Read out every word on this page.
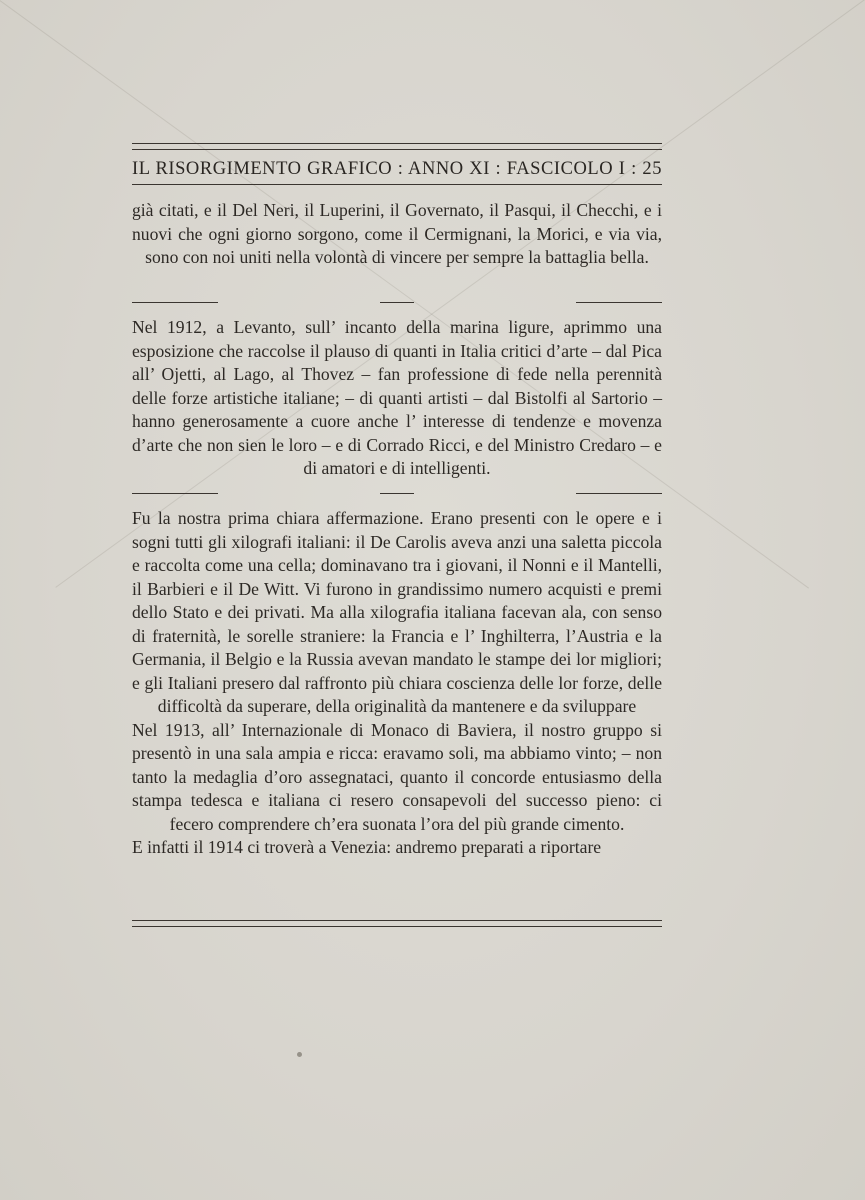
IL RISORGIMENTO GRAFICO : ANNO XI : FASCICOLO I : 25

già citati, e il Del Neri, il Luperini, il Governato, il Pasqui, il Checchi, e i nuovi che ogni giorno sorgono, come il Cermignani, la Morici, e via via, sono con noi uniti nella volontà di vincere per sempre la battaglia bella.

Nel 1912, a Levanto, sull’ incanto della marina ligure, aprimmo una esposizione che raccolse il plauso di quanti in Italia critici d’arte – dal Pica all’ Ojetti, al Lago, al Thovez – fan professione di fede nella perennità delle forze artistiche italiane; – di quanti artisti – dal Bistolfi al Sartorio – hanno generosamente a cuore anche l’ interesse di tendenze e movenza d’arte che non sien le loro – e di Corrado Ricci, e del Ministro Credaro – e di amatori e di intelligenti.

Fu la nostra prima chiara affermazione. Erano presenti con le opere e i sogni tutti gli xilografi italiani: il De Carolis aveva anzi una saletta piccola e raccolta come una cella; dominavano tra i giovani, il Nonni e il Mantelli, il Barbieri e il De Witt. Vi furono in grandissimo numero acquisti e premi dello Stato e dei privati. Ma alla xilografia italiana facevan ala, con senso di fraternità, le sorelle straniere: la Francia e l’ Inghilterra, l’Austria e la Germania, il Belgio e la Russia avevan mandato le stampe dei lor migliori; e gli Italiani presero dal raffronto più chiara coscienza delle lor forze, delle difficoltà da superare, della originalità da mantenere e da sviluppare

Nel 1913, all’ Internazionale di Monaco di Baviera, il nostro gruppo si presentò in una sala ampia e ricca: eravamo soli, ma abbiamo vinto; – non tanto la medaglia d’oro assegnataci, quanto il concorde entusiasmo della stampa tedesca e italiana ci resero consapevoli del successo pieno: ci fecero comprendere ch’era suonata l’ora del più grande cimento.

E infatti il 1914 ci troverà a Venezia: andremo preparati a riportare
